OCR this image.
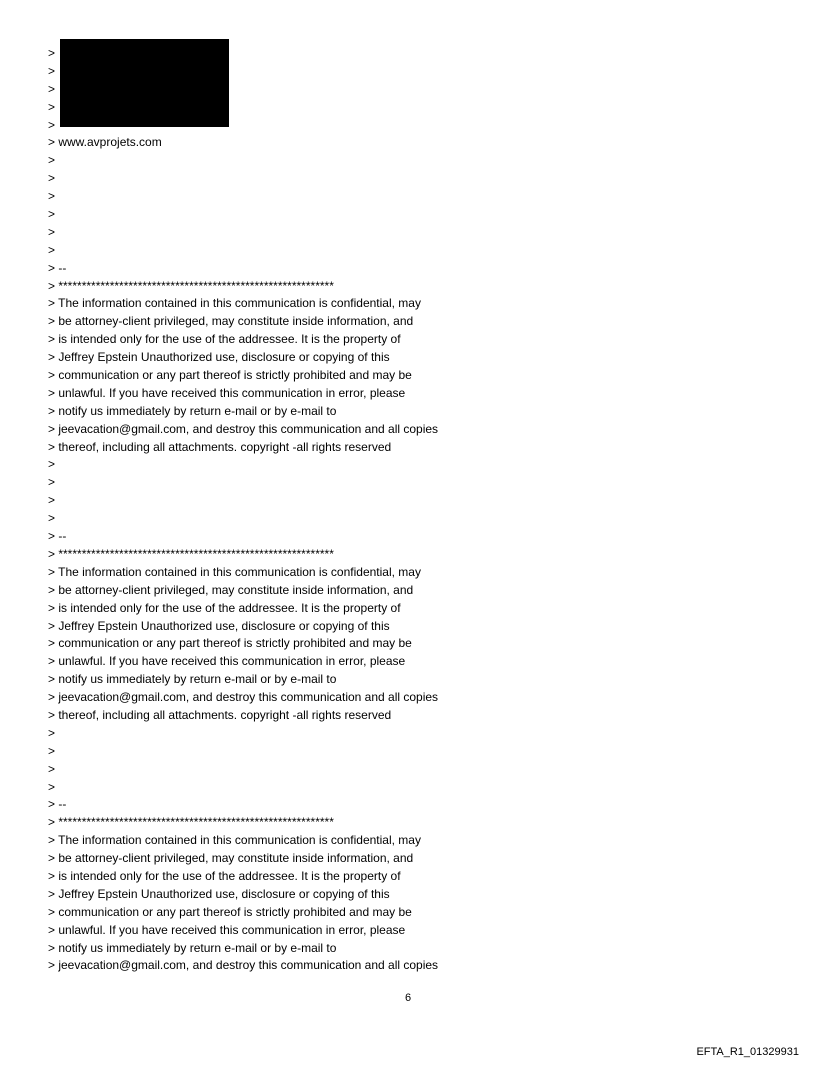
>
>
>
>
>
> www.avprojets.com
>
>
>
>
>
>
> --
> ***********************************************************
> The information contained in this communication is confidential, may
> be attorney-client privileged, may constitute inside information, and
> is intended only for the use of the addressee. It is the property of
> Jeffrey Epstein Unauthorized use, disclosure or copying of this
> communication or any part thereof is strictly prohibited and may be
> unlawful. If you have received this communication in error, please
> notify us immediately by return e-mail or by e-mail to
> jeevacation@gmail.com, and destroy this communication and all copies
> thereof, including all attachments. copyright -all rights reserved
>
>
>
>
> --
> ***********************************************************
> The information contained in this communication is confidential, may
> be attorney-client privileged, may constitute inside information, and
> is intended only for the use of the addressee. It is the property of
> Jeffrey Epstein Unauthorized use, disclosure or copying of this
> communication or any part thereof is strictly prohibited and may be
> unlawful. If you have received this communication in error, please
> notify us immediately by return e-mail or by e-mail to
> jeevacation@gmail.com, and destroy this communication and all copies
> thereof, including all attachments. copyright -all rights reserved
>
>
>
>
> --
> ***********************************************************
> The information contained in this communication is confidential, may
> be attorney-client privileged, may constitute inside information, and
> is intended only for the use of the addressee. It is the property of
> Jeffrey Epstein Unauthorized use, disclosure or copying of this
> communication or any part thereof is strictly prohibited and may be
> unlawful. If you have received this communication in error, please
> notify us immediately by return e-mail or by e-mail to
> jeevacation@gmail.com, and destroy this communication and all copies
6
EFTA_R1_01329931
